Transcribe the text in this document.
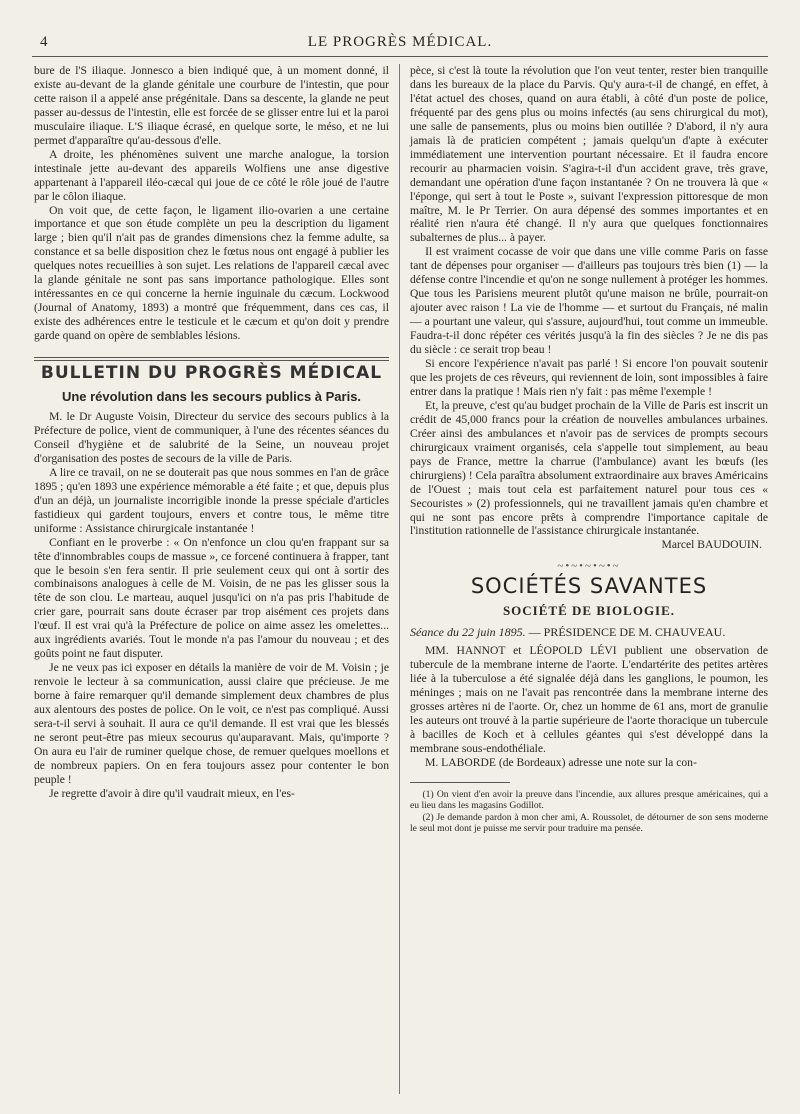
4	LE PROGRÈS MÉDICAL.

bure de l'S iliaque. Jonnesco a bien indiqué que, à un moment donné, il existe au-devant de la glande génitale une courbure de l'intestin, que pour cette raison il a appelé anse prégénitale. Dans sa descente, la glande ne peut passer au-dessus de l'intestin, elle est forcée de se glisser entre lui et la paroi musculaire iliaque. L'S iliaque écrasé, en quelque sorte, le méso, et ne lui permet d'apparaître qu'au-dessous d'elle.

A droite, les phénomènes suivent une marche analogue, la torsion intestinale jette au-devant des appareils Wolfiens une anse digestive appartenant à l'appareil iléo-cæcal qui joue de ce côté le rôle joué de l'autre par le côlon iliaque.

On voit que, de cette façon, le ligament ilio-ovarien a une certaine importance et que son étude complète un peu la description du ligament large ; bien qu'il n'ait pas de grandes dimensions chez la femme adulte, sa constance et sa belle disposition chez le fœtus nous ont engagé à publier les quelques notes recueillies à son sujet. Les relations de l'appareil cæcal avec la glande génitale ne sont pas sans importance pathologique. Elles sont intéressantes en ce qui concerne la hernie inguinale du cæcum. Lockwood (Journal of Anatomy, 1893) a montré que fréquemment, dans ces cas, il existe des adhérences entre le testicule et le cæcum et qu'on doit y prendre garde quand on opère de semblables lésions.

BULLETIN DU PROGRÈS MÉDICAL
Une révolution dans les secours publics à Paris.

M. le Dr Auguste Voisin, Directeur du service des secours publics à la Préfecture de police, vient de communiquer, à l'une des récentes séances du Conseil d'hygiène et de salubrité de la Seine, un nouveau projet d'organisation des postes de secours de la ville de Paris.

A lire ce travail, on ne se douterait pas que nous sommes en l'an de grâce 1895 ; qu'en 1893 une expérience mémorable a été faite ; et que, depuis plus d'un an déjà, un journaliste incorrigible inonde la presse spéciale d'articles fastidieux qui gardent toujours, envers et contre tous, le même titre uniforme : Assistance chirurgicale instantanée !

Confiant en le proverbe : « On n'enfonce un clou qu'en frappant sur sa tête d'innombrables coups de massue », ce forcené continuera à frapper, tant que le besoin s'en fera sentir. Il prie seulement ceux qui ont à sortir des combinaisons analogues à celle de M. Voisin, de ne pas les glisser sous la tête de son clou. Le marteau, auquel jusqu'ici on n'a pas pris l'habitude de crier gare, pourrait sans doute écraser par trop aisément ces projets dans l'œuf. Il est vrai qu'à la Préfecture de police on aime assez les omelettes... aux ingrédients avariés. Tout le monde n'a pas l'amour du nouveau ; et des goûts point ne faut disputer.

Je ne veux pas ici exposer en détails la manière de voir de M. Voisin ; je renvoie le lecteur à sa communication, aussi claire que précieuse. Je me borne à faire remarquer qu'il demande simplement deux chambres de plus aux alentours des postes de police. On le voit, ce n'est pas compliqué. Aussi sera-t-il servi à souhait. Il aura ce qu'il demande. Il est vrai que les blessés ne seront peut-être pas mieux secourus qu'auparavant. Mais, qu'importe ? On aura eu l'air de ruminer quelque chose, de remuer quelques moellons et de nombreux papiers. On en fera toujours assez pour contenter le bon peuple !

Je regrette d'avoir à dire qu'il vaudrait mieux, en l'es-

pèce, si c'est là toute la révolution que l'on veut tenter, rester bien tranquille dans les bureaux de la place du Parvis. Qu'y aura-t-il de changé, en effet, à l'état actuel des choses, quand on aura établi, à côté d'un poste de police, fréquenté par des gens plus ou moins infectés (au sens chirurgical du mot), une salle de pansements, plus ou moins bien outillée ? D'abord, il n'y aura jamais là de praticien compétent ; jamais quelqu'un d'apte à exécuter immédiatement une intervention pourtant nécessaire. Et il faudra encore recourir au pharmacien voisin. S'agira-t-il d'un accident grave, très grave, demandant une opération d'une façon instantanée ? On ne trouvera là que « l'éponge, qui sert à tout le Poste », suivant l'expression pittoresque de mon maître, M. le Pr Terrier. On aura dépensé des sommes importantes et en réalité rien n'aura été changé. Il n'y aura que quelques fonctionnaires subalternes de plus... à payer.

Il est vraiment cocasse de voir que dans une ville comme Paris on fasse tant de dépenses pour organiser — d'ailleurs pas toujours très bien (1) — la défense contre l'incendie et qu'on ne songe nullement à protéger les hommes. Que tous les Parisiens meurent plutôt qu'une maison ne brûle, pourrait-on ajouter avec raison ! La vie de l'homme — et surtout du Français, né malin — a pourtant une valeur, qui s'assure, aujourd'hui, tout comme un immeuble. Faudra-t-il donc répéter ces vérités jusqu'à la fin des siècles ? Je ne dis pas du siècle : ce serait trop beau !

Si encore l'expérience n'avait pas parlé ! Si encore l'on pouvait soutenir que les projets de ces rêveurs, qui reviennent de loin, sont impossibles à faire entrer dans la pratique ! Mais rien n'y fait : pas même l'exemple !

Et, la preuve, c'est qu'au budget prochain de la Ville de Paris est inscrit un crédit de 45,000 francs pour la création de nouvelles ambulances urbaines. Créer ainsi des ambulances et n'avoir pas de services de prompts secours chirurgicaux vraiment organisés, cela s'appelle tout simplement, au beau pays de France, mettre la charrue (l'ambulance) avant les bœufs (les chirurgiens) ! Cela paraîtra absolument extraordinaire aux braves Américains de l'Ouest ; mais tout cela est parfaitement naturel pour tous ces « Secouristes » (2) professionnels, qui ne travaillent jamais qu'en chambre et qui ne sont pas encore prêts à comprendre l'importance capitale de l'institution rationnelle de l'assistance chirurgicale instantanée.

Marcel BAUDOUIN.
~•~•~•~•~
SOCIÉTÉS SAVANTES
SOCIÉTÉ DE BIOLOGIE.
Séance du 22 juin 1895. — PRÉSIDENCE DE M. CHAUVEAU.

MM. HANNOT et LÉOPOLD LÉVI publient une observation de tubercule de la membrane interne de l'aorte. L'endartérite des petites artères liée à la tuberculose a été signalée déjà dans les ganglions, le poumon, les méninges ; mais on ne l'avait pas rencontrée dans la membrane interne des grosses artères ni de l'aorte. Or, chez un homme de 61 ans, mort de granulie les auteurs ont trouvé à la partie supérieure de l'aorte thoracique un tubercule à bacilles de Koch et à cellules géantes qui s'est développé dans la membrane sous-endothéliale.

M. LABORDE (de Bordeaux) adresse une note sur la con-

(1) On vient d'en avoir la preuve dans l'incendie, aux allures presque américaines, qui a eu lieu dans les magasins Godillot.

(2) Je demande pardon à mon cher ami, A. Roussolet, de détourner de son sens moderne le seul mot dont je puisse me servir pour traduire ma pensée.
